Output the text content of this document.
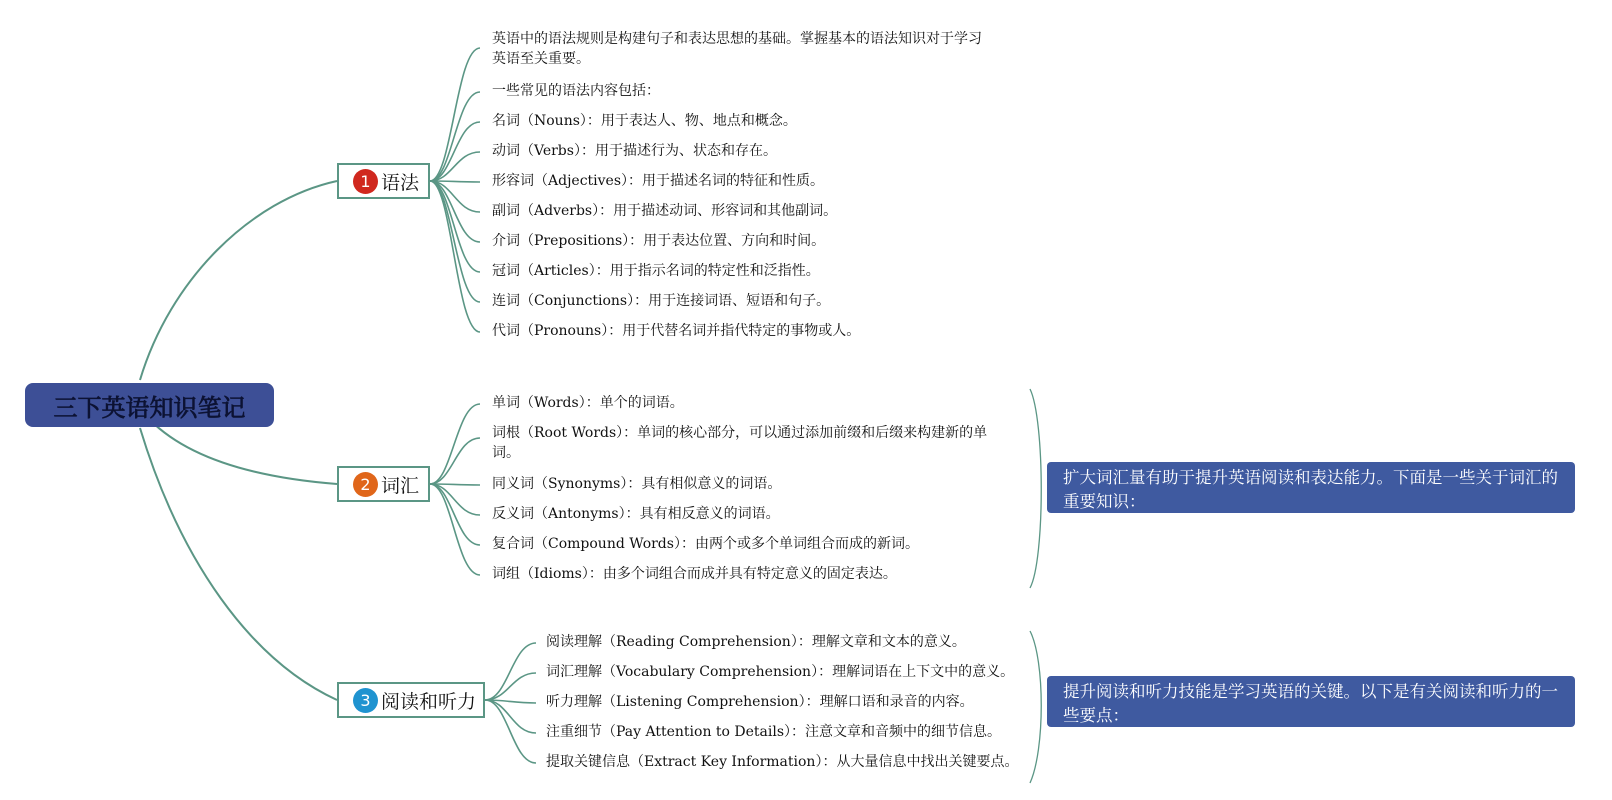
三下英语知识笔记
1 语法
英语中的语法规则是构建句子和表达思想的基础。掌握基本的语法知识对于学习英语至关重要。
一些常见的语法内容包括：
名词（Nouns）：用于表达人、物、地点和概念。
动词（Verbs）：用于描述行为、状态和存在。
形容词（Adjectives）：用于描述名词的特征和性质。
副词（Adverbs）：用于描述动词、形容词和其他副词。
介词（Prepositions）：用于表达位置、方向和时间。
冠词（Articles）：用于指示名词的特定性和泛指性。
连词（Conjunctions）：用于连接词语、短语和句子。
代词（Pronouns）：用于代替名词并指代特定的事物或人。
2 词汇
单词（Words）：单个的词语。
词根（Root Words）：单词的核心部分，可以通过添加前缀和后缀来构建新的单词。
同义词（Synonyms）：具有相似意义的词语。
反义词（Antonyms）：具有相反意义的词语。
复合词（Compound Words）：由两个或多个单词组合而成的新词。
词组（Idioms）：由多个词组合而成并具有特定意义的固定表达。
扩大词汇量有助于提升英语阅读和表达能力。下面是一些关于词汇的重要知识：
3 阅读和听力
阅读理解（Reading Comprehension）：理解文章和文本的意义。
词汇理解（Vocabulary Comprehension）：理解词语在上下文中的意义。
听力理解（Listening Comprehension）：理解口语和录音的内容。
注重细节（Pay Attention to Details）：注意文章和音频中的细节信息。
提取关键信息（Extract Key Information）：从大量信息中找出关键要点。
提升阅读和听力技能是学习英语的关键。以下是有关阅读和听力的一些要点：
